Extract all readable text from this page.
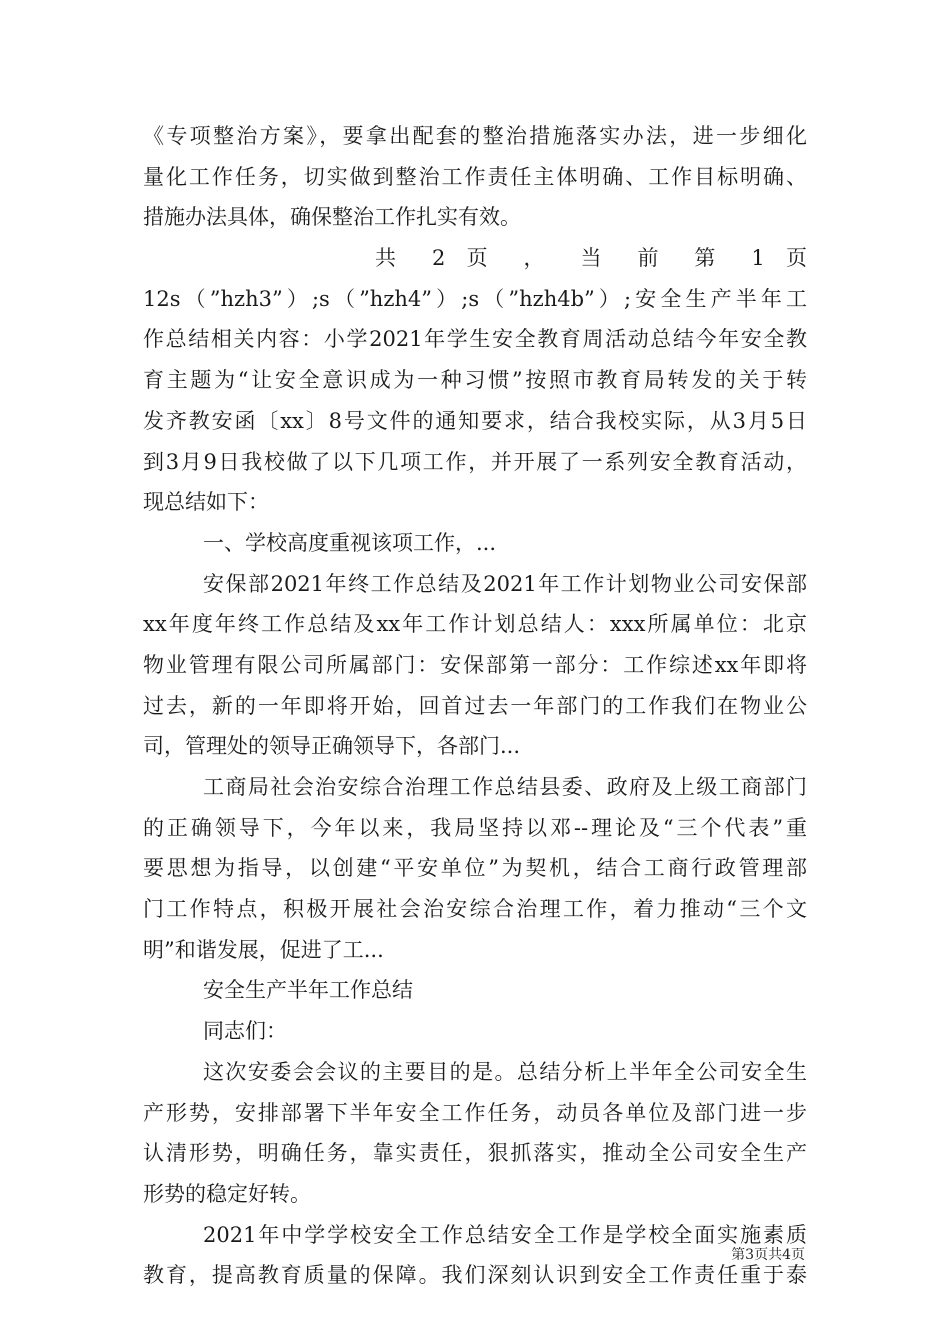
《专项整治方案》，要拿出配套的整治措施落实办法，进一步细化
量化工作任务，切实做到整治工作责任主体明确、工作目标明确、
措施办法具体，确保整治工作扎实有效。
共 2 页 ， 当 前 第 1 页
12s（”hzh3”）;s（”hzh4”）;s（”hzh4b”）;安全生产半年工
作总结相关内容：小学2021年学生安全教育周活动总结今年安全教
育主题为“让安全意识成为一种习惯”按照市教育局转发的关于转
发齐教安函〔xx〕8号文件的通知要求，结合我校实际，从3月5日
到3月9日我校做了以下几项工作，并开展了一系列安全教育活动，
现总结如下：
一、学校高度重视该项工作，...
安保部2021年终工作总结及2021年工作计划物业公司安保部
xx年度年终工作总结及xx年工作计划总结人：xxx所属单位：北京
物业管理有限公司所属部门：安保部第一部分：工作综述xx年即将
过去，新的一年即将开始，回首过去一年部门的工作我们在物业公
司，管理处的领导正确领导下，各部门...
工商局社会治安综合治理工作总结县委、政府及上级工商部门
的正确领导下，今年以来，我局坚持以邓--理论及“三个代表”重
要思想为指导，以创建“平安单位”为契机，结合工商行政管理部
门工作特点，积极开展社会治安综合治理工作，着力推动“三个文
明”和谐发展，促进了工...
安全生产半年工作总结
同志们：
这次安委会会议的主要目的是。总结分析上半年全公司安全生
产形势，安排部署下半年安全工作任务，动员各单位及部门进一步
认清形势，明确任务，靠实责任，狠抓落实，推动全公司安全生产
形势的稳定好转。
2021年中学学校安全工作总结安全工作是学校全面实施素质
教育，提高教育质量的保障。我们深刻认识到安全工作责任重于泰
第3页共4页
